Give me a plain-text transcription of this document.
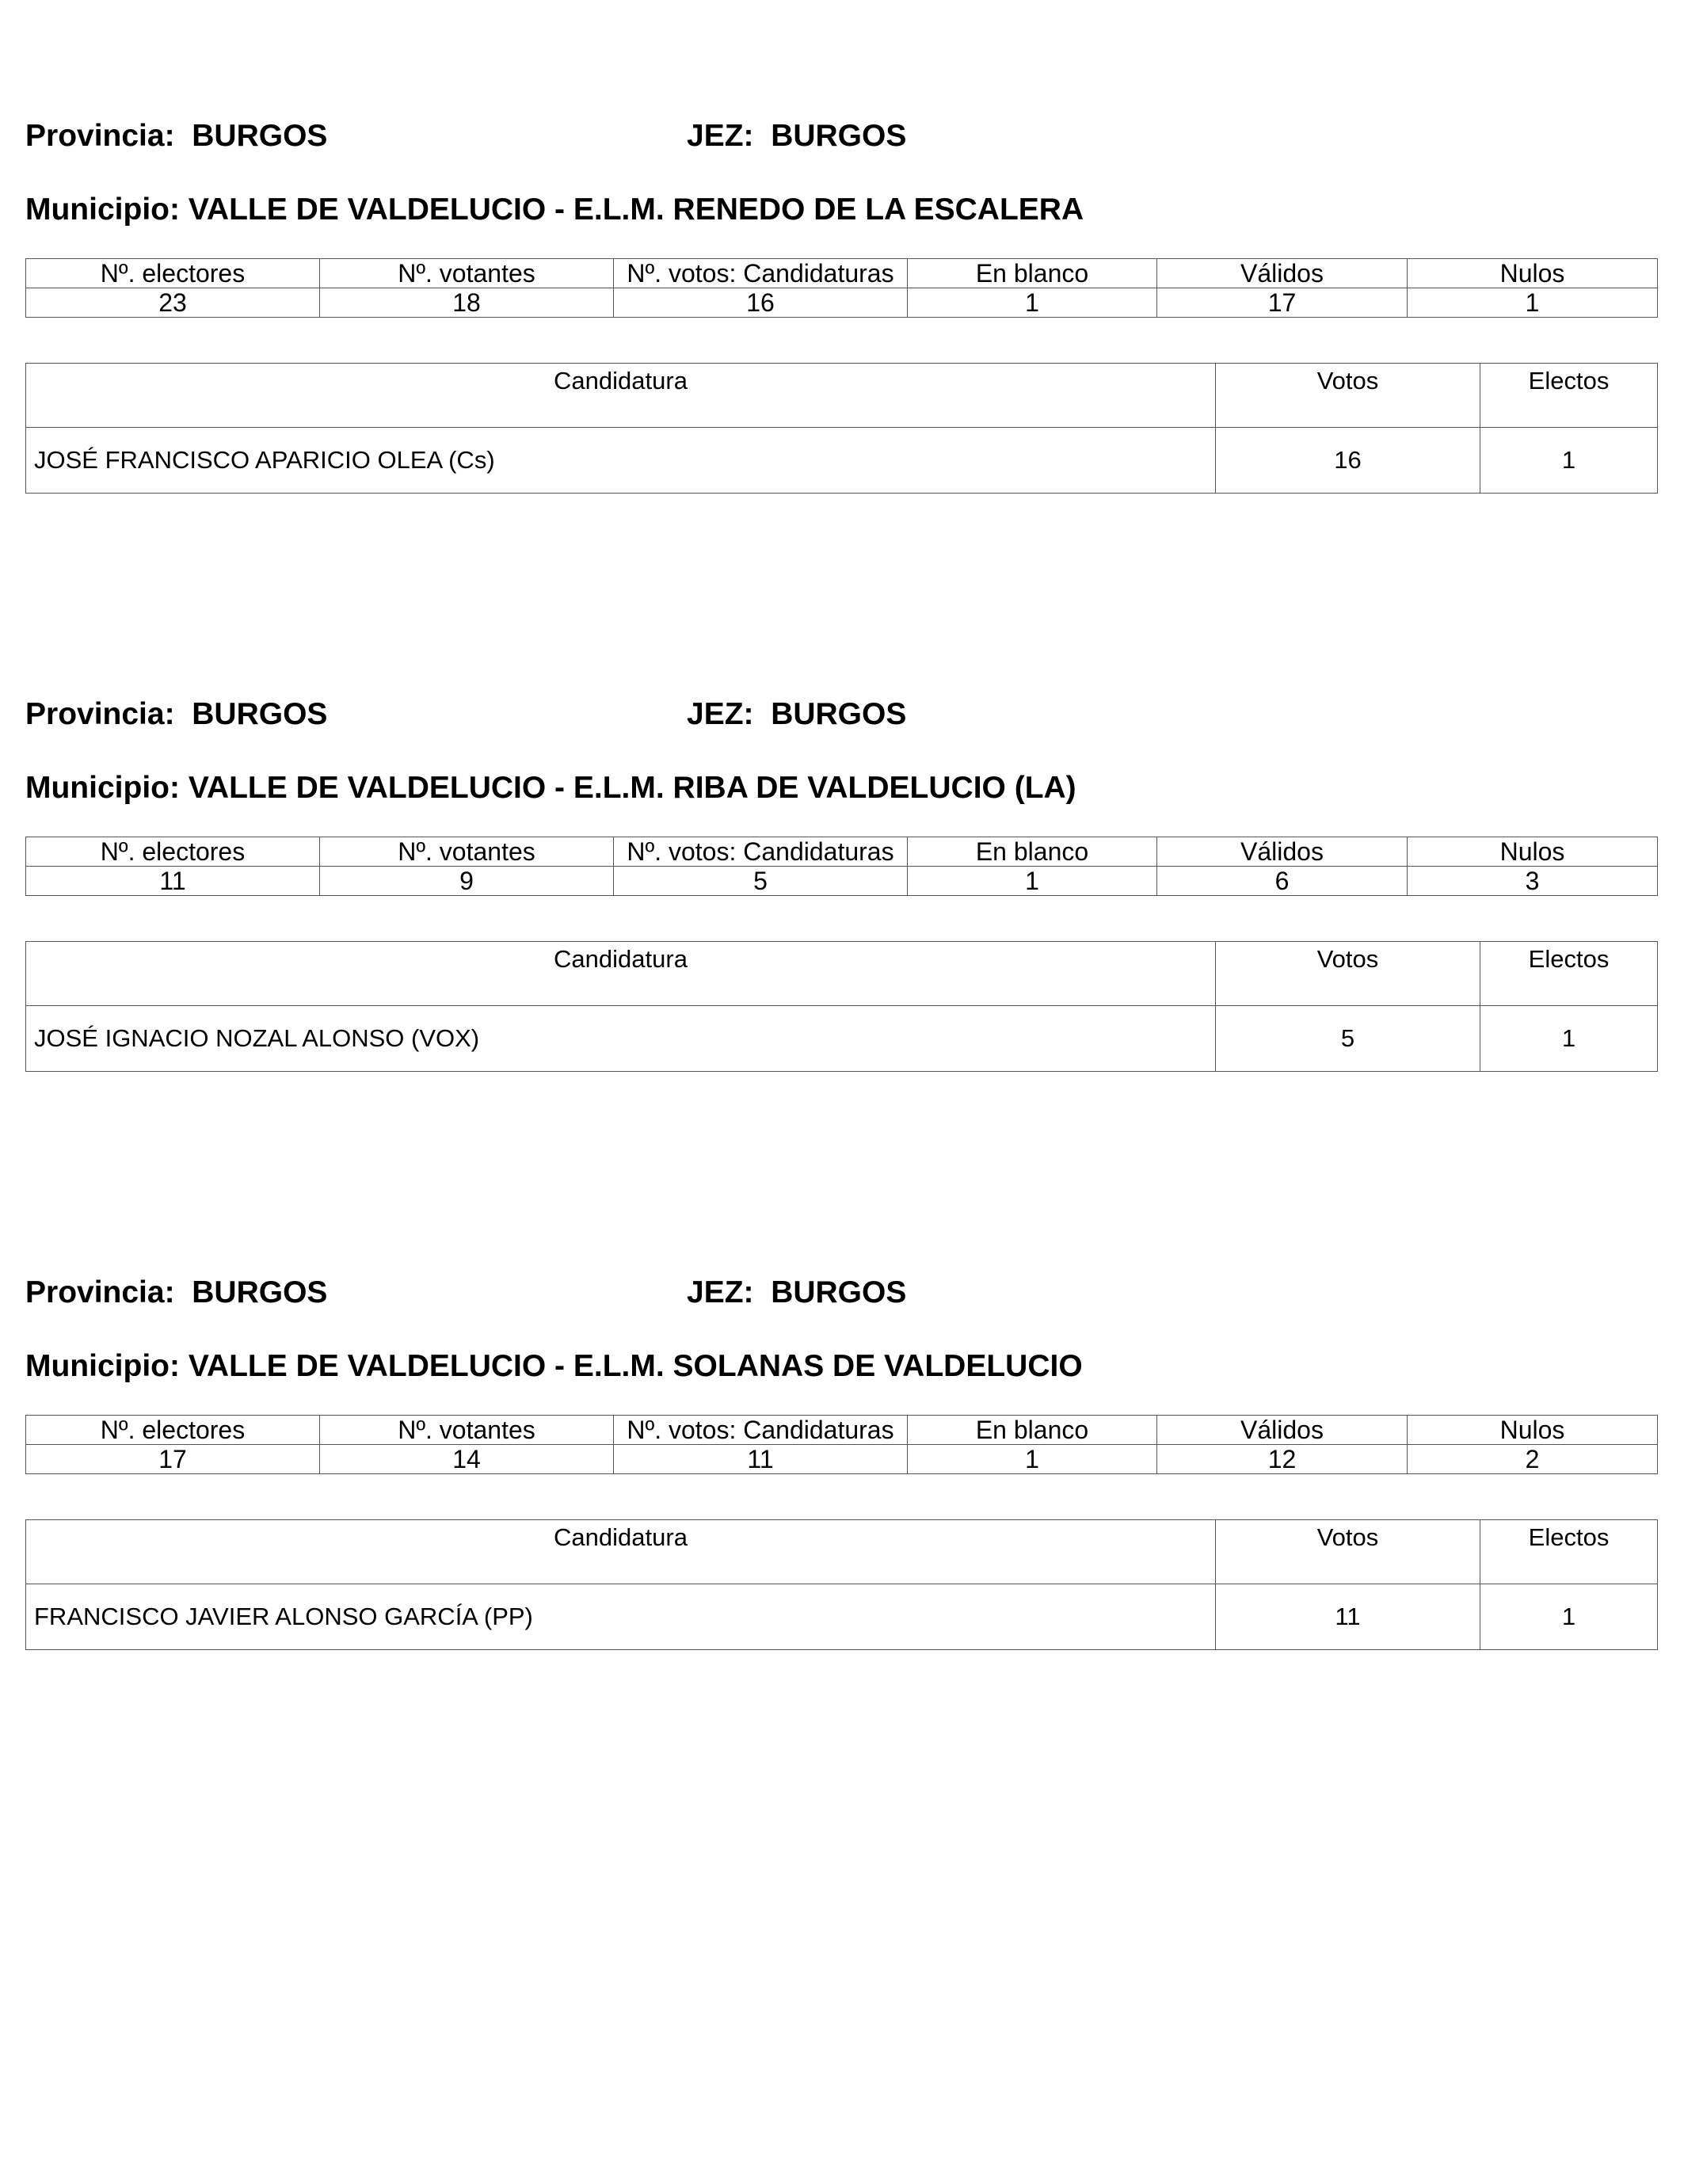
Provincia: BURGOS	JEZ: BURGOS
Municipio: VALLE DE VALDELUCIO - E.L.M. RENEDO DE LA ESCALERA
Nº. electores	Nº. votantes	Nº. votos: Candidaturas	En blanco	Válidos	Nulos
23	18	16	1	17	1
Candidatura	Votos	Electos
JOSÉ FRANCISCO APARICIO OLEA (Cs)	16	1
Provincia: BURGOS	JEZ: BURGOS
Municipio: VALLE DE VALDELUCIO - E.L.M. RIBA DE VALDELUCIO (LA)
Nº. electores	Nº. votantes	Nº. votos: Candidaturas	En blanco	Válidos	Nulos
11	9	5	1	6	3
Candidatura	Votos	Electos
JOSÉ IGNACIO NOZAL ALONSO (VOX)	5	1
Provincia: BURGOS	JEZ: BURGOS
Municipio: VALLE DE VALDELUCIO - E.L.M. SOLANAS DE VALDELUCIO
Nº. electores	Nº. votantes	Nº. votos: Candidaturas	En blanco	Válidos	Nulos
17	14	11	1	12	2
Candidatura	Votos	Electos
FRANCISCO JAVIER ALONSO GARCÍA (PP)	11	1
